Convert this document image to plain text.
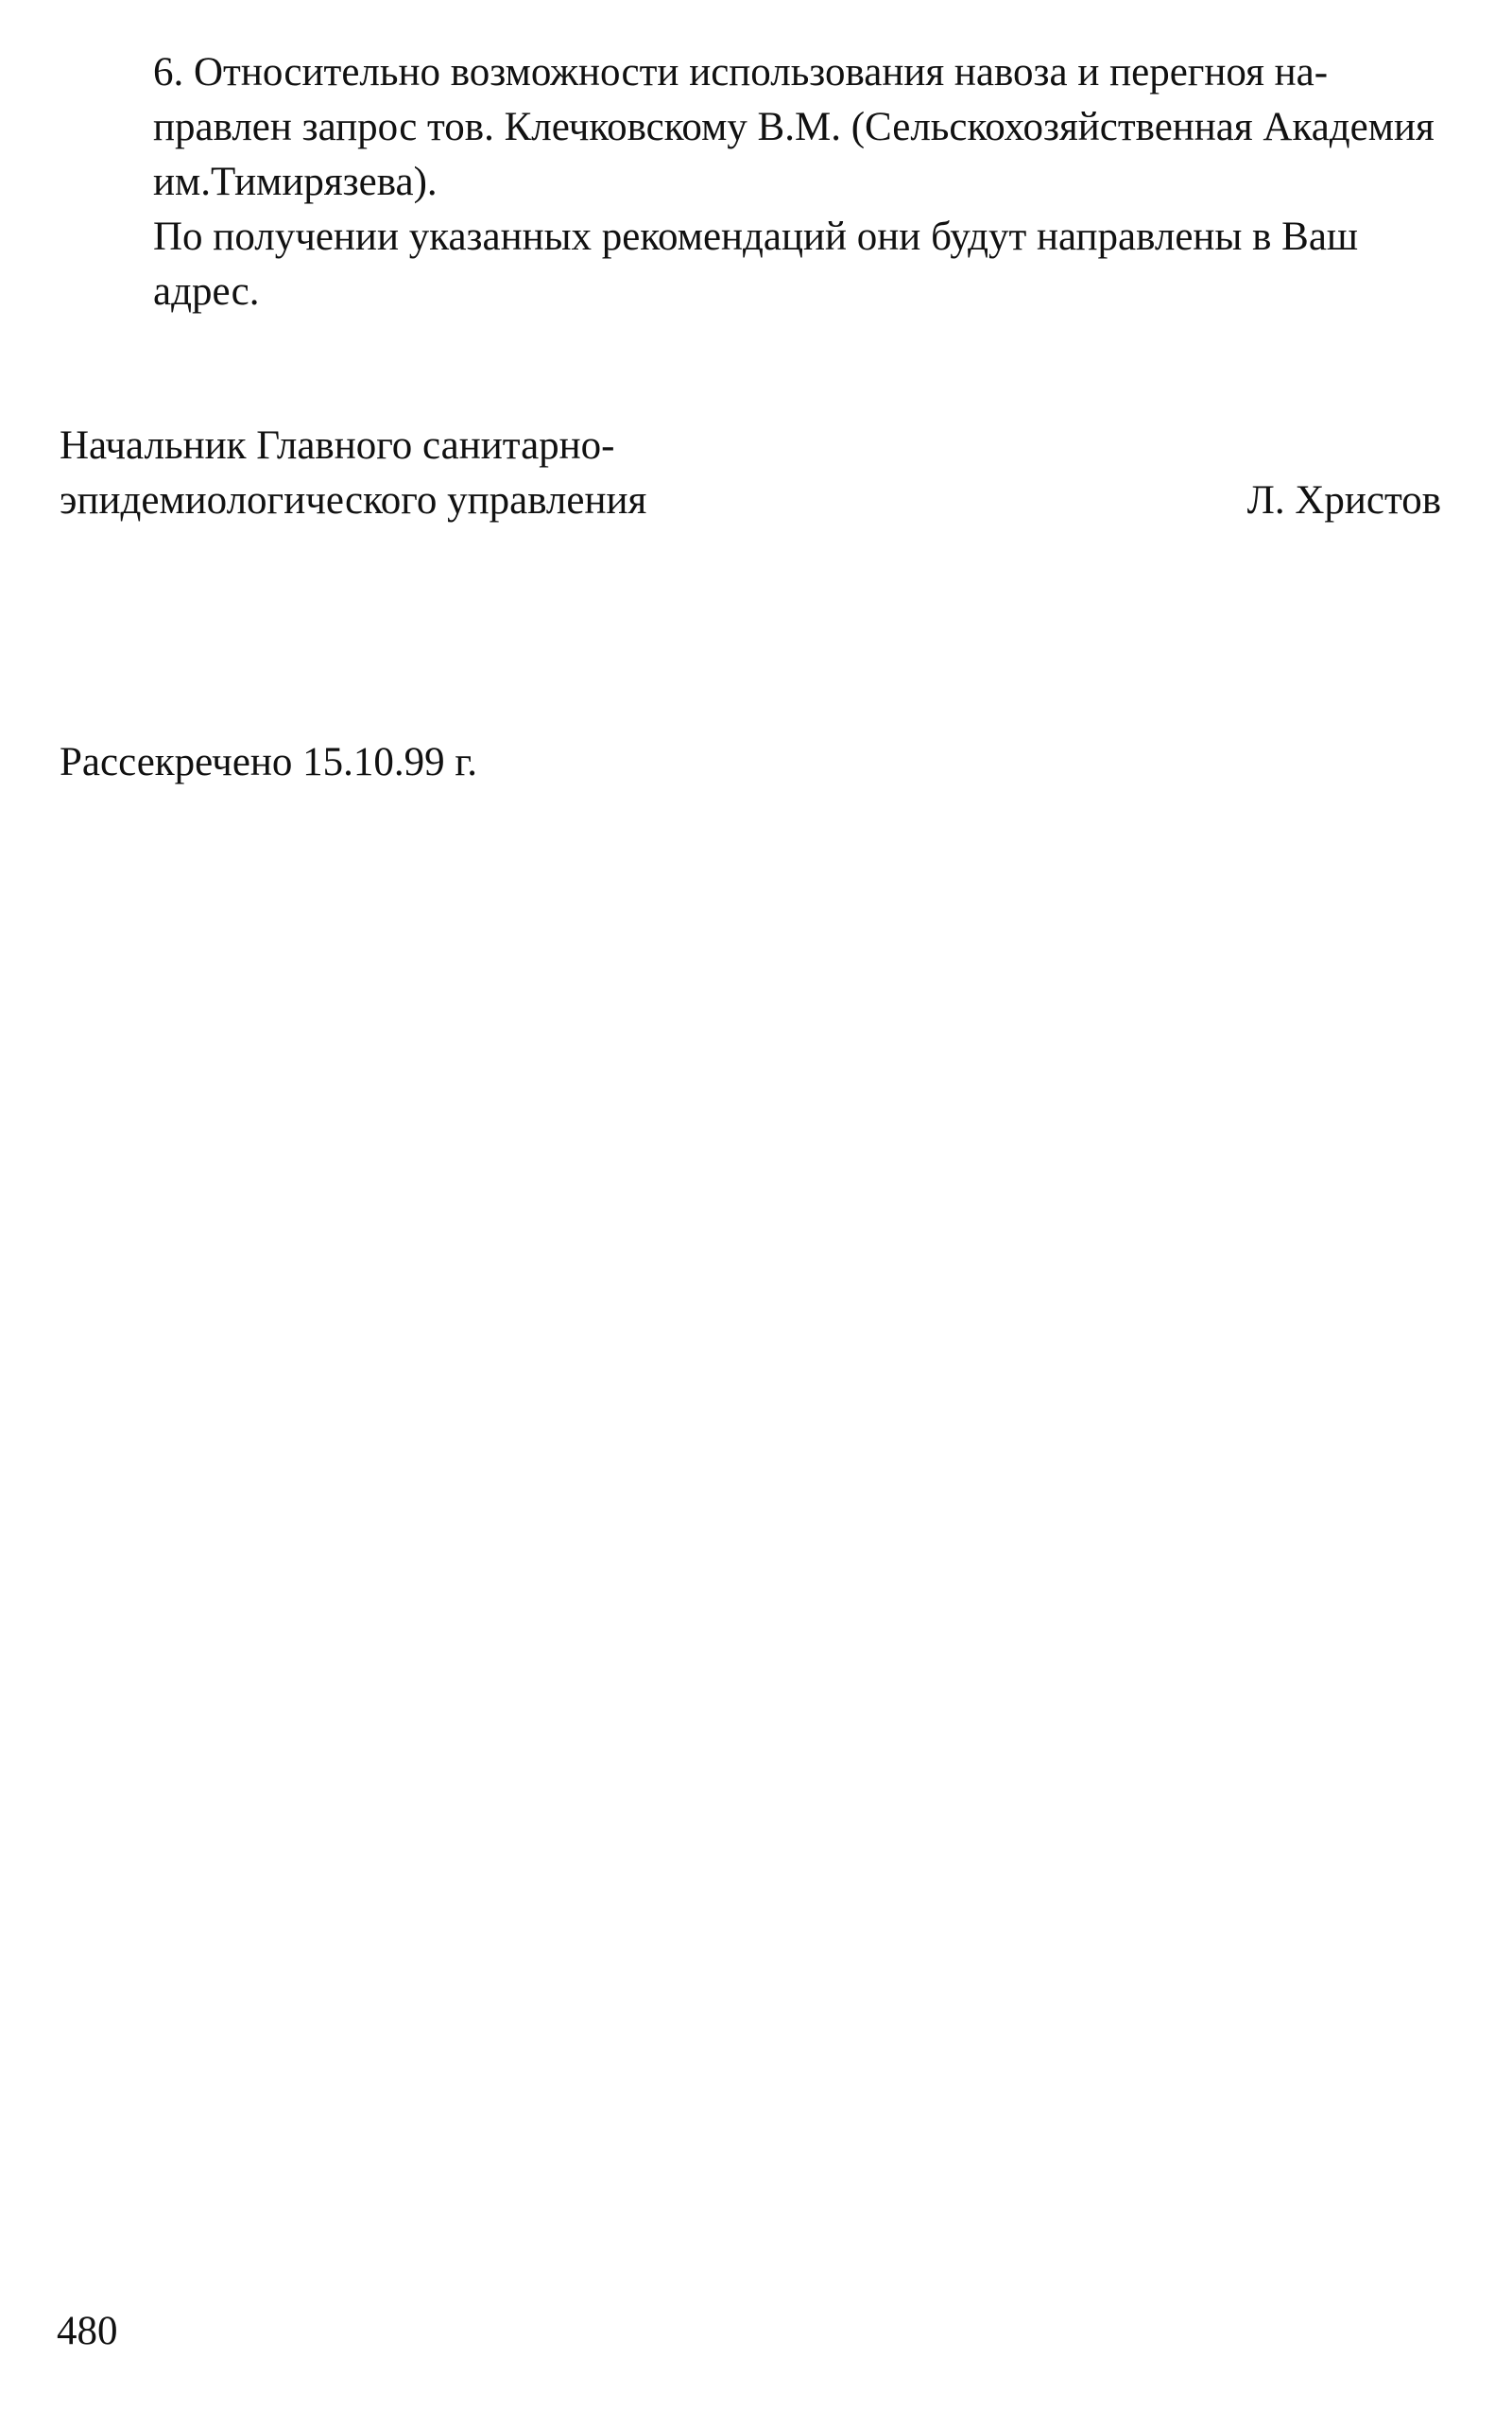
6. Относительно возможности использования навоза и перегноя на-
правлен запрос тов. Клечковскому В.М. (Сельскохозяйственная Академия
им.Тимирязева).

По получении указанных рекомендаций они будут направлены в Ваш
адрес.

Начальник Главного санитарно-
эпидемиологического управления	Л. Христов
Рассекречено 15.10.99 г.
480
